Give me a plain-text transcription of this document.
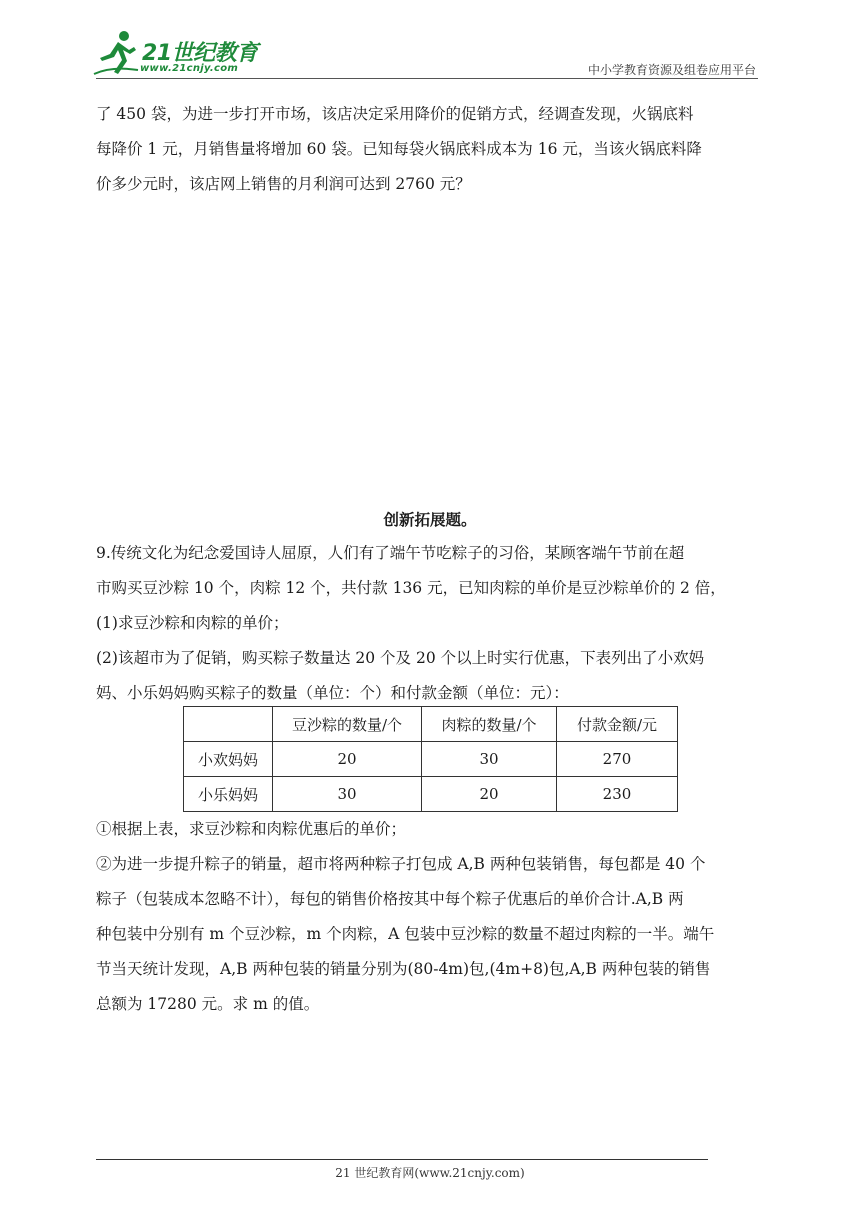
21世纪教育
www.21cnjy.com	中小学教育资源及组卷应用平台

了 450 袋，为进一步打开市场，该店决定采用降价的促销方式，经调查发现，火锅底料

每降价 1 元，月销售量将增加 60 袋。已知每袋火锅底料成本为 16 元，当该火锅底料降

价多少元时，该店网上销售的月利润可达到 2760 元？

创新拓展题。

9.传统文化为纪念爱国诗人屈原，人们有了端午节吃粽子的习俗，某顾客端午节前在超

市购买豆沙粽 10 个，肉粽 12 个，共付款 136 元，已知肉粽的单价是豆沙粽单价的 2 倍，

(1)求豆沙粽和肉粽的单价；

(2)该超市为了促销，购买粽子数量达 20 个及 20 个以上时实行优惠，下表列出了小欢妈

妈、小乐妈妈购买粽子的数量（单位：个）和付款金额（单位：元）：

	豆沙粽的数量/个	肉粽的数量/个	付款金额/元
小欢妈妈	20	30	270
小乐妈妈	30	20	230

①根据上表，求豆沙粽和肉粽优惠后的单价；

②为进一步提升粽子的销量，超市将两种粽子打包成 A,B 两种包装销售，每包都是 40 个

粽子（包装成本忽略不计），每包的销售价格按其中每个粽子优惠后的单价合计.A,B 两

种包装中分别有 m 个豆沙粽，m 个肉粽，A 包装中豆沙粽的数量不超过肉粽的一半。端午

节当天统计发现，A,B 两种包装的销量分别为(80-4m)包,(4m+8)包,A,B 两种包装的销售

总额为 17280 元。求 m 的值。

21 世纪教育网(www.21cnjy.com)
